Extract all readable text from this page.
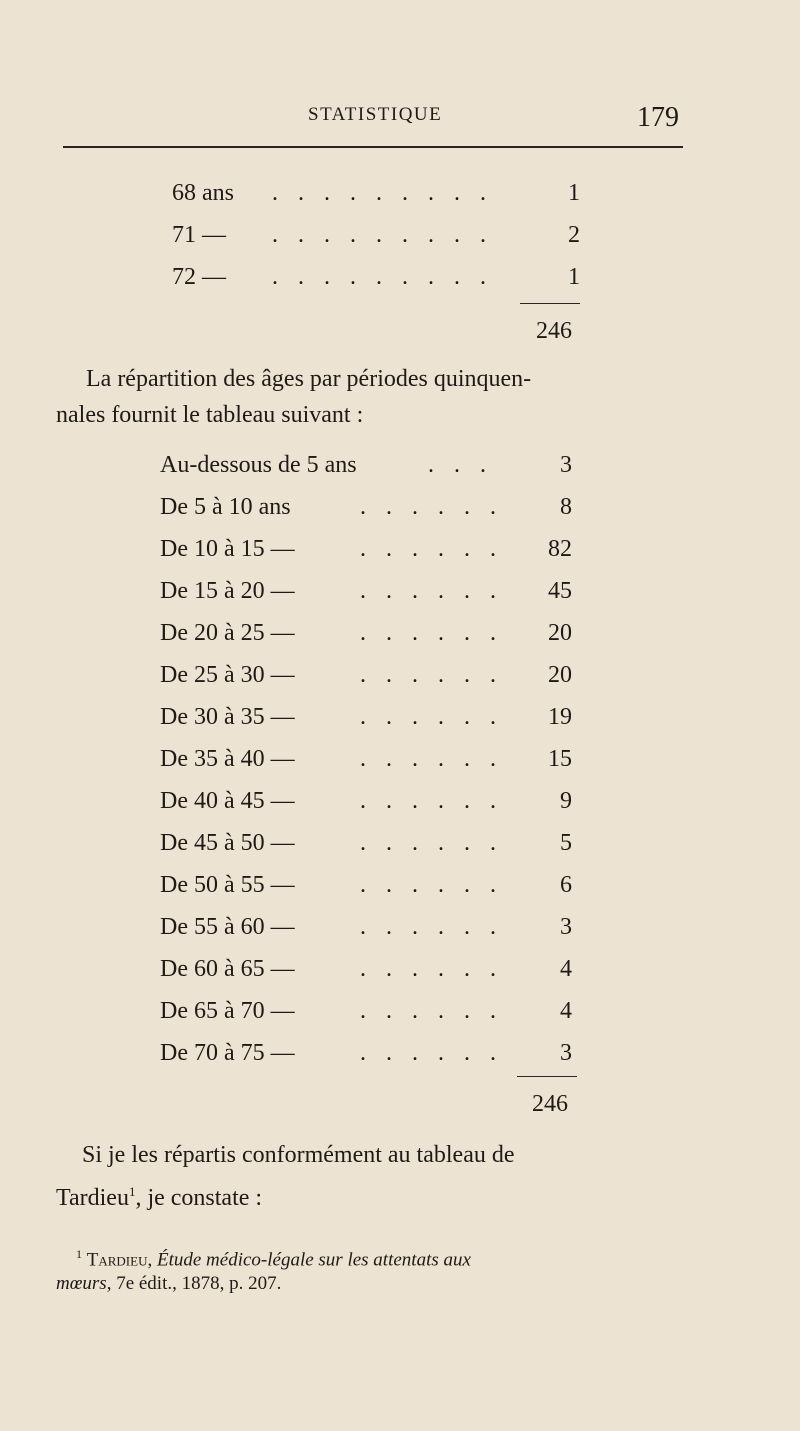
STATISTIQUE	179
68 ans . . . . . . . . .	1
71 — . . . . . . . . .	2
72 — . . . . . . . . .	1
246
La répartition des âges par périodes quinquen-
nales fournit le tableau suivant :
Au-dessous de 5 ans	. . .	3
De 5 à 10 ans	. . . . . .	8
De 10 à 15 —	. . . . . .	82
De 15 à 20 —	. . . . . .	45
De 20 à 25 —	. . . . . .	20
De 25 à 30 —	. . . . . .	20
De 30 à 35 —	. . . . . .	19
De 35 à 40 —	. . . . . .	15
De 40 à 45 —	. . . . . .	9
De 45 à 50 —	. . . . . .	5
De 50 à 55 —	. . . . . .	6
De 55 à 60 —	. . . . . .	3
De 60 à 65 —	. . . . . .	4
De 65 à 70 —	. . . . . .	4
De 70 à 75 —	. . . . . .	3
246
Si je les répartis conformément au tableau de
Tardieu$^1$, je constate :
$^1$ Tardieu, Étude médico-légale sur les attentats aux
mœurs, 7e édit., 1878, p. 207.
